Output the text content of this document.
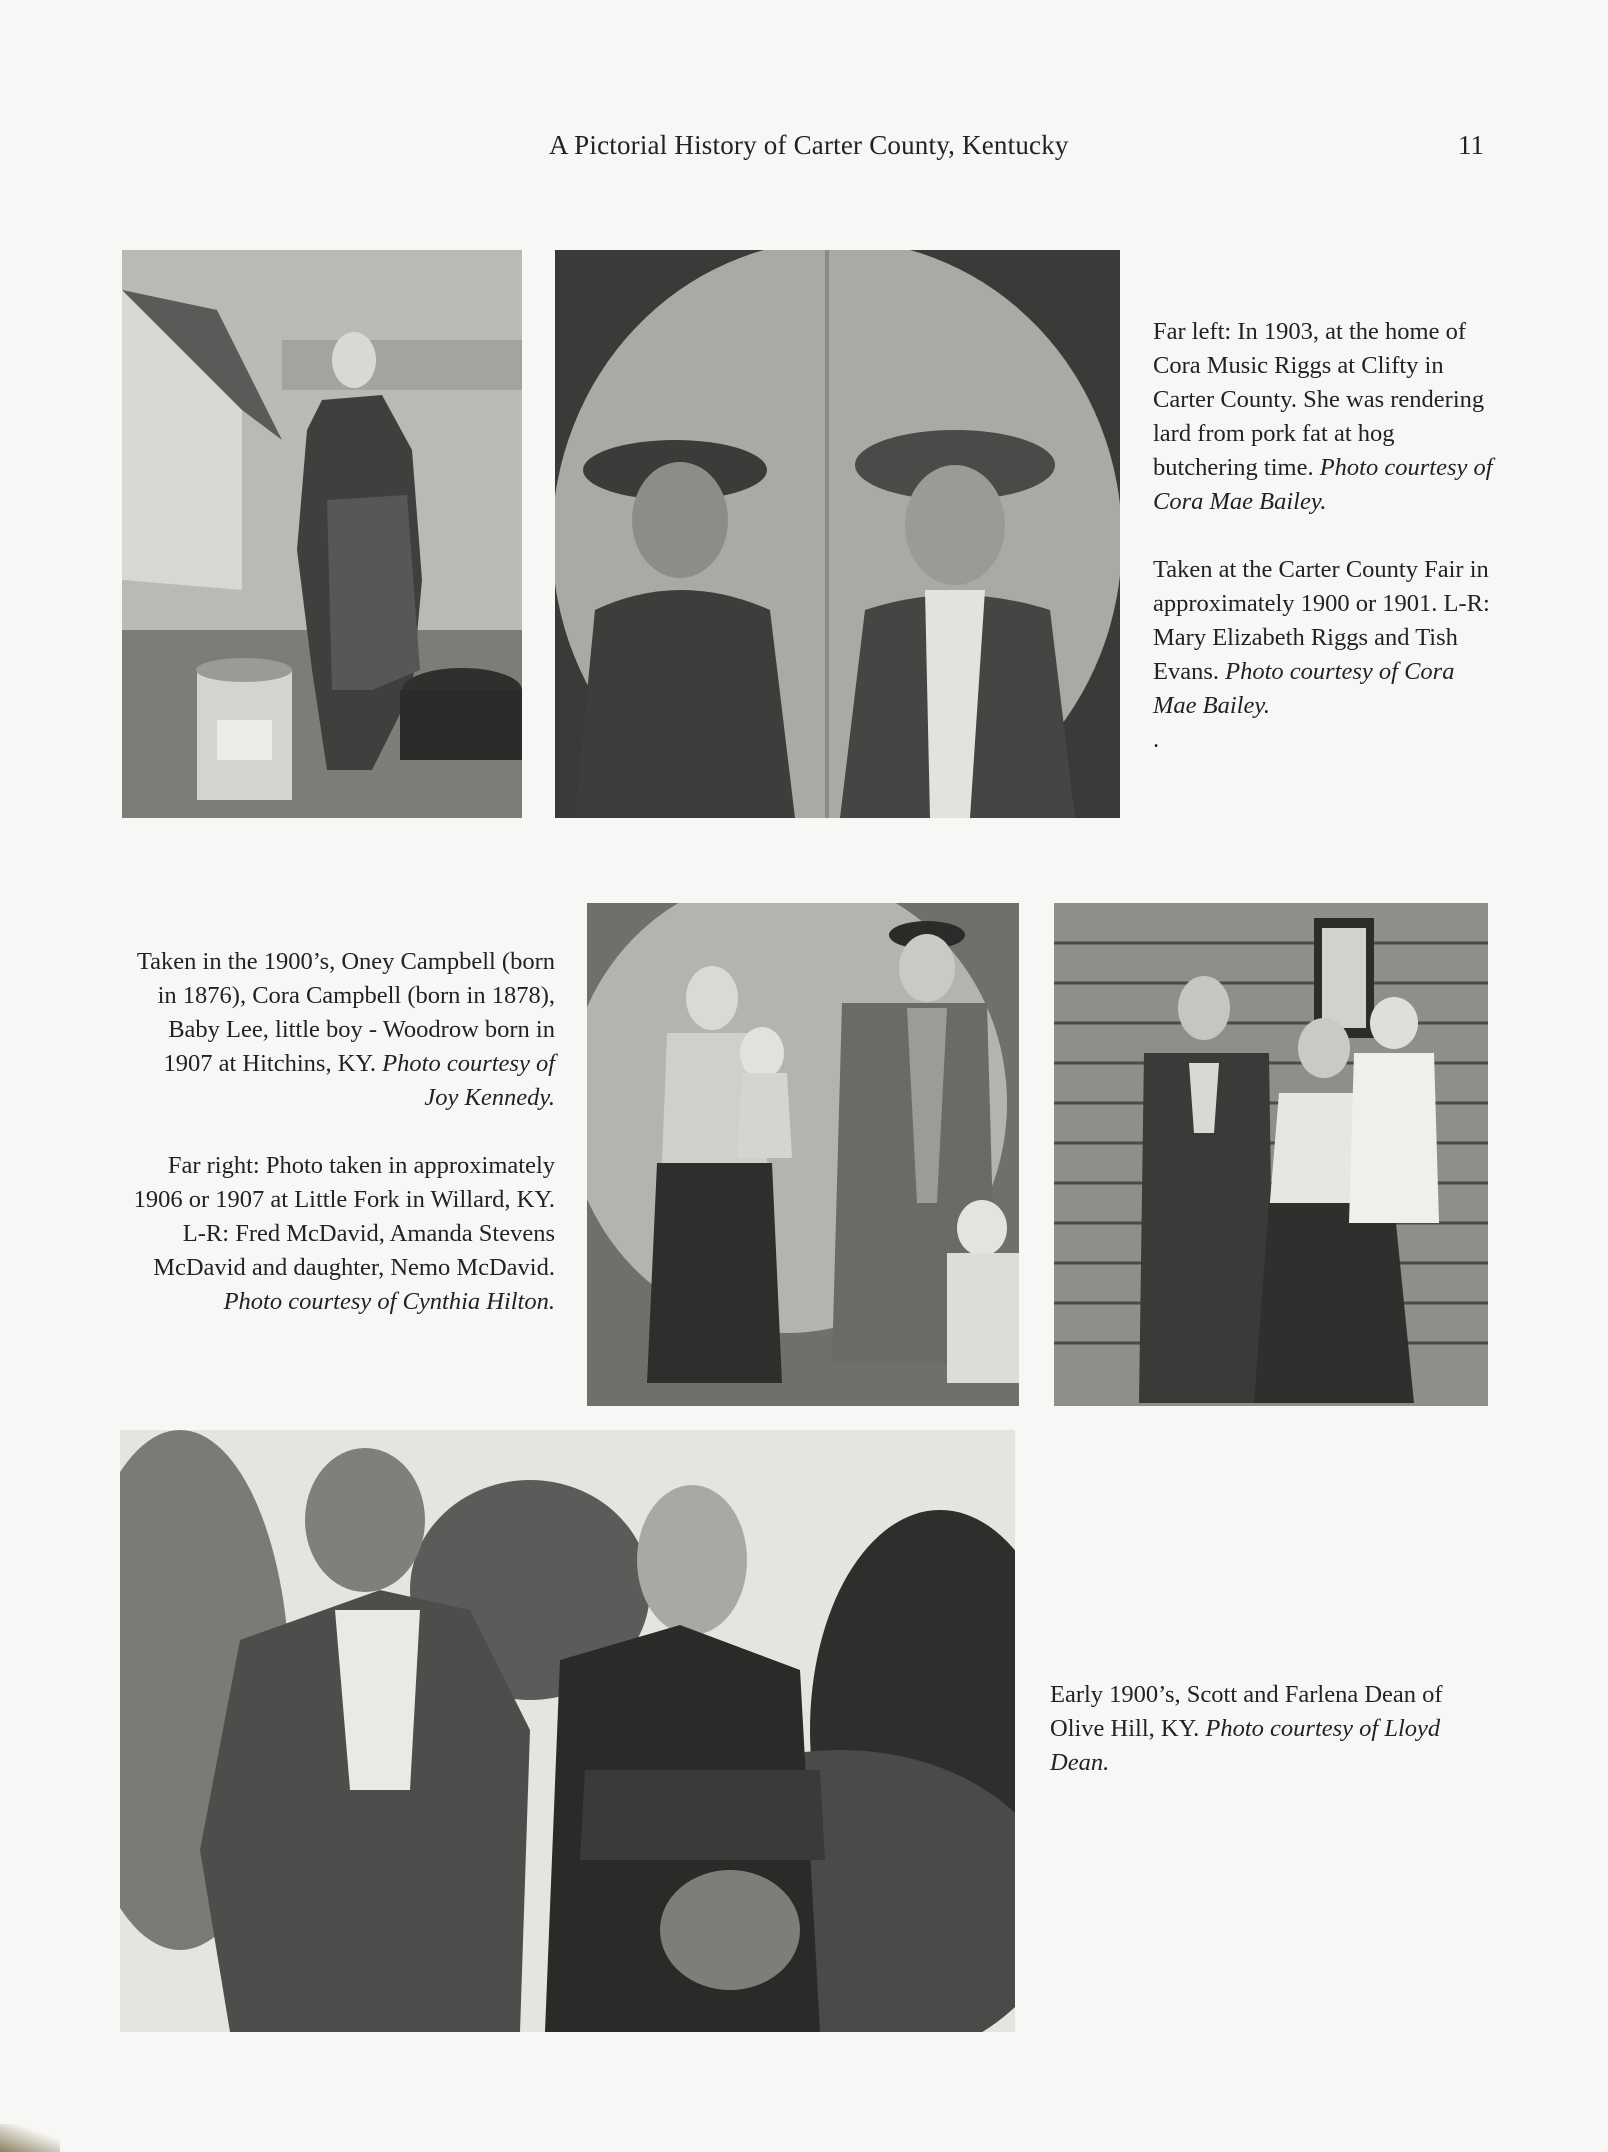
A Pictorial History of Carter County, Kentucky	11

Far left: In 1903, at the home of Cora Music Riggs at Clifty in Carter County. She was rendering lard from pork fat at hog butchering time. Photo courtesy of Cora Mae Bailey.

Taken at the Carter County Fair in approximately 1900 or 1901. L-R: Mary Elizabeth Riggs and Tish Evans. Photo courtesy of Cora Mae Bailey.
.

Taken in the 1900’s, Oney Campbell (born in 1876), Cora Campbell (born in 1878), Baby Lee, little boy - Woodrow born in 1907 at Hitchins, KY. Photo courtesy of Joy Kennedy.

Far right: Photo taken in approximately 1906 or 1907 at Little Fork in Willard, KY. L-R: Fred McDavid, Amanda Stevens McDavid and daughter, Nemo McDavid. Photo courtesy of Cynthia Hilton.

Early 1900’s, Scott and Farlena Dean of Olive Hill, KY. Photo courtesy of Lloyd Dean.
